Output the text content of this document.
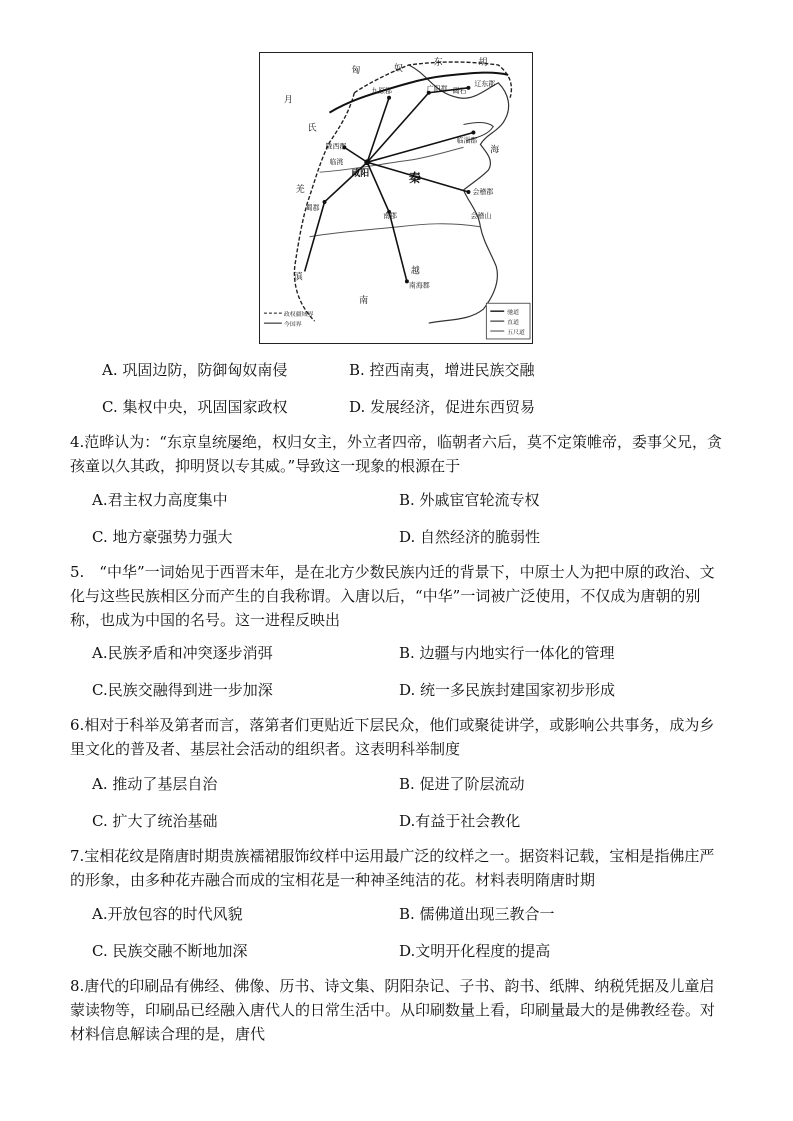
匈	奴
东	胡
月
氏
羌
滇
南
越
秦
咸阳
九原郡
陇西郡
临洮
广阳郡 碣石
辽东郡
临淄郡
会稽郡
会稽山
蜀郡
南郡
南海郡
海
政权疆域界
今国界
驰道
直道
五尺道
A. 巩固边防，防御匈奴南侵	B. 控西南夷，增进民族交融
C. 集权中央，巩固国家政权	D. 发展经济，促进东西贸易
4.范晔认为：“东京皇统屡绝，权归女主，外立者四帝，临朝者六后，莫不定策帷帝，委事父兄，贪孩童以久其政，抑明贤以专其威。”导致这一现象的根源在于
A.君主权力高度集中	B. 外戚宦官轮流专权
C. 地方豪强势力强大	D. 自然经济的脆弱性
5.　“中华”一词始见于西晋末年，是在北方少数民族内迁的背景下，中原士人为把中原的政治、文化与这些民族相区分而产生的自我称谓。入唐以后，“中华”一词被广泛使用，不仅成为唐朝的别称，也成为中国的名号。这一进程反映出
A.民族矛盾和冲突逐步消弭	B. 边疆与内地实行一体化的管理
C.民族交融得到进一步加深	D. 统一多民族封建国家初步形成
6.相对于科举及第者而言，落第者们更贴近下层民众，他们或聚徒讲学，或影响公共事务，成为乡里文化的普及者、基层社会活动的组织者。这表明科举制度
A. 推动了基层自治	B. 促进了阶层流动
C. 扩大了统治基础	D.有益于社会教化
7.宝相花纹是隋唐时期贵族襦裙服饰纹样中运用最广泛的纹样之一。据资料记载，宝相是指佛庄严的形象，由多种花卉融合而成的宝相花是一种神圣纯洁的花。材料表明隋唐时期
A.开放包容的时代风貌	B. 儒佛道出现三教合一
C. 民族交融不断地加深	D.文明开化程度的提高
8.唐代的印刷品有佛经、佛像、历书、诗文集、阴阳杂记、子书、韵书、纸牌、纳税凭据及儿童启蒙读物等，印刷品已经融入唐代人的日常生活中。从印刷数量上看，印刷量最大的是佛教经卷。对材料信息解读合理的是，唐代
